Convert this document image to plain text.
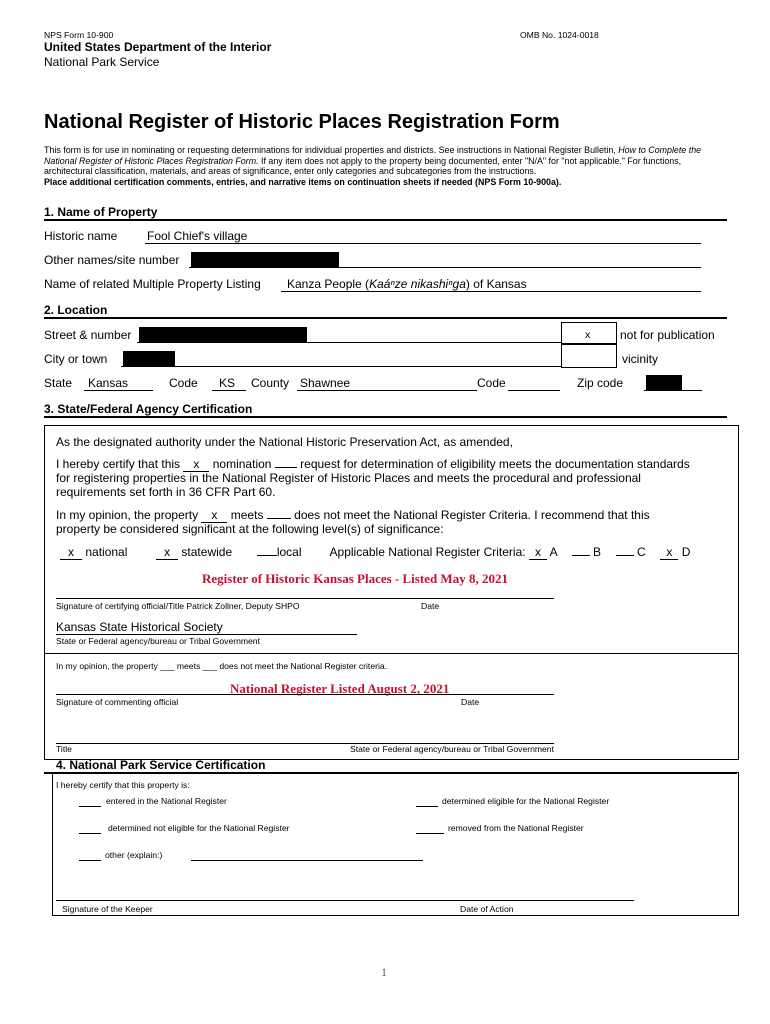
NPS Form 10-900	OMB No. 1024-0018
United States Department of the Interior
National Park Service
National Register of Historic Places Registration Form
This form is for use in nominating or requesting determinations for individual properties and districts. See instructions in National Register Bulletin, How to Complete the National Register of Historic Places Registration Form. If any item does not apply to the property being documented, enter "N/A" for "not applicable." For functions, architectural classification, materials, and areas of significance, enter only categories and subcategories from the instructions.
Place additional certification comments, entries, and narrative items on continuation sheets if needed (NPS Form 10-900a).
1. Name of Property
Historic name Fool Chief's village
Other names/site number
Name of related Multiple Property Listing Kanza People (Kaáⁿze nikashiⁿga) of Kansas
2. Location
Street & number	x not for publication
City or town	vicinity
State Kansas	Code KS County Shawnee	Code	Zip code
3. State/Federal Agency Certification
As the designated authority under the National Historic Preservation Act, as amended,
I hereby certify that this x nomination request for determination of eligibility meets the documentation standards
for registering properties in the National Register of Historic Places and meets the procedural and professional
requirements set forth in 36 CFR Part 60.
In my opinion, the property x meets	does not meet the National Register Criteria. I recommend that this
property be considered significant at the following level(s) of significance:
x national	x statewide	local Applicable National Register Criteria: x A	B	C x D
Register of Historic Kansas Places - Listed May 8, 2021
Signature of certifying official/Title Patrick Zollner, Deputy SHPO	Date
Kansas State Historical Society
State or Federal agency/bureau or Tribal Government
In my opinion, the property ___ meets ___ does not meet the National Register criteria.
National Register Listed August 2, 2021
Signature of commenting official	Date
Title	State or Federal agency/bureau or Tribal Government
4. National Park Service Certification
I hereby certify that this property is:
entered in the National Register	determined eligible for the National Register
determined not eligible for the National Register	removed from the National Register
other (explain:)
Signature of the Keeper	Date of Action
1
